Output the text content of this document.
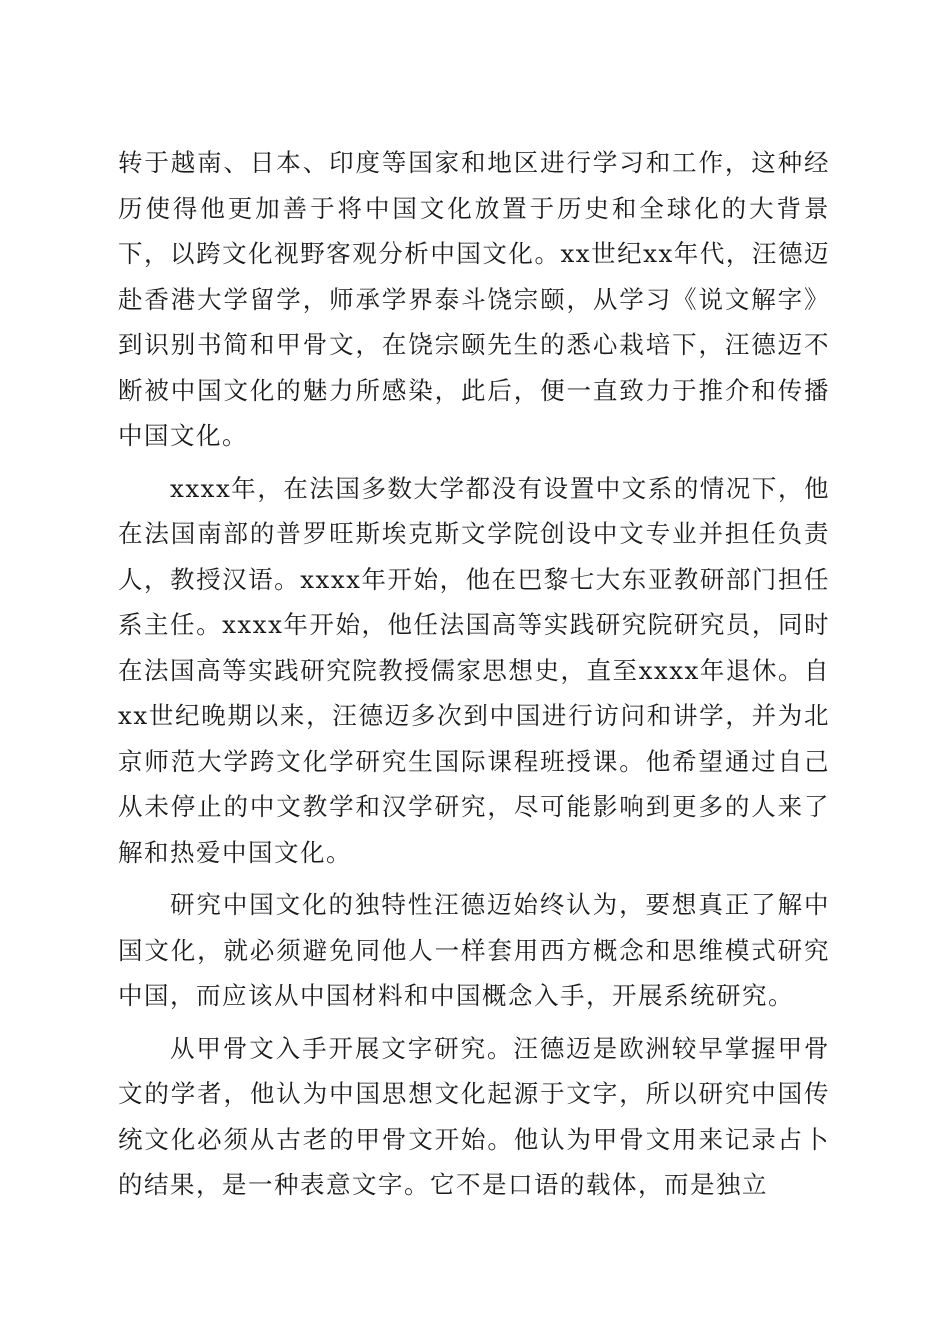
转于越南、日本、印度等国家和地区进行学习和工作，这种经历使得他更加善于将中国文化放置于历史和全球化的大背景下，以跨文化视野客观分析中国文化。xx世纪xx年代，汪德迈赴香港大学留学，师承学界泰斗饶宗颐，从学习《说文解字》到识别书简和甲骨文，在饶宗颐先生的悉心栽培下，汪德迈不断被中国文化的魅力所感染，此后，便一直致力于推介和传播中国文化。

xxxx年，在法国多数大学都没有设置中文系的情况下，他在法国南部的普罗旺斯埃克斯文学院创设中文专业并担任负责人，教授汉语。xxxx年开始，他在巴黎七大东亚教研部门担任系主任。xxxx年开始，他任法国高等实践研究院研究员，同时在法国高等实践研究院教授儒家思想史，直至xxxx年退休。自xx世纪晚期以来，汪德迈多次到中国进行访问和讲学，并为北京师范大学跨文化学研究生国际课程班授课。他希望通过自己从未停止的中文教学和汉学研究，尽可能影响到更多的人来了解和热爱中国文化。

研究中国文化的独特性汪德迈始终认为，要想真正了解中国文化，就必须避免同他人一样套用西方概念和思维模式研究中国，而应该从中国材料和中国概念入手，开展系统研究。

从甲骨文入手开展文字研究。汪德迈是欧洲较早掌握甲骨文的学者，他认为中国思想文化起源于文字，所以研究中国传统文化必须从古老的甲骨文开始。他认为甲骨文用来记录占卜的结果，是一种表意文字。它不是口语的载体，而是独立
